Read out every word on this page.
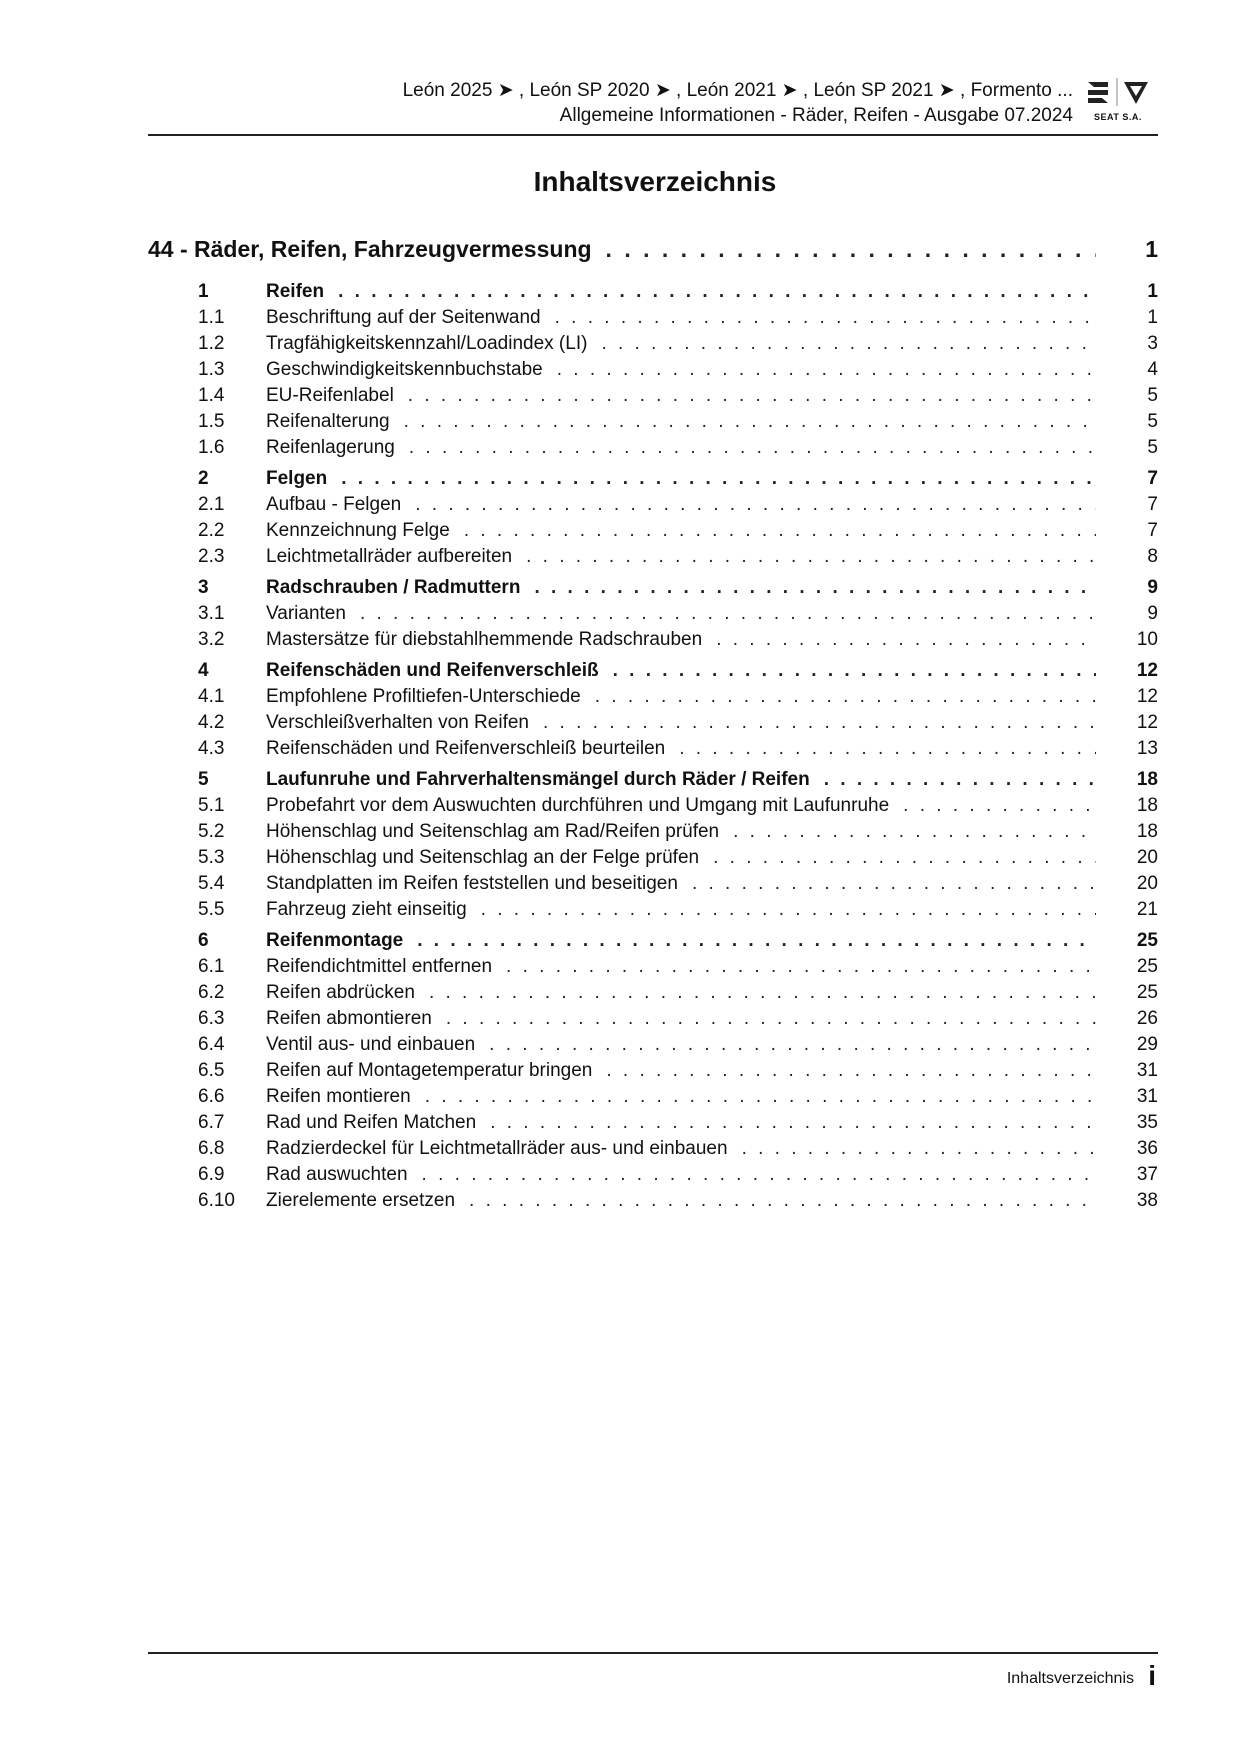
León 2025 ➤ , León SP 2020 ➤ , León 2021 ➤ , León SP 2021 ➤ , Formento ...
Allgemeine Informationen - Räder, Reifen - Ausgabe 07.2024 SEAT S.A.
Inhaltsverzeichnis
44 - Räder, Reifen, Fahrzeugvermessung . . .	1
1	Reifen . . .	1
1.1	Beschriftung auf der Seitenwand . . .	1
1.2	Tragfähigkeitskennzahl/Loadindex (LI) . . .	3
1.3	Geschwindigkeitskennbuchstabe . . .	4
1.4	EU-Reifenlabel . . .	5
1.5	Reifenalterung . . .	5
1.6	Reifenlagerung . . .	5
2	Felgen . . .	7
2.1	Aufbau - Felgen . . .	7
2.2	Kennzeichnung Felge . . .	7
2.3	Leichtmetallräder aufbereiten . . .	8
3	Radschrauben / Radmuttern . . .	9
3.1	Varianten . . .	9
3.2	Mastersätze für diebstahlhemmende Radschrauben . . .	10
4	Reifenschäden und Reifenverschleiß . . .	12
4.1	Empfohlene Profiltiefen-Unterschiede . . .	12
4.2	Verschleißverhalten von Reifen . . .	12
4.3	Reifenschäden und Reifenverschleiß beurteilen . . .	13
5	Laufunruhe und Fahrverhaltensmängel durch Räder / Reifen . . .	18
5.1	Probefahrt vor dem Auswuchten durchführen und Umgang mit Laufunruhe . . .	18
5.2	Höhenschlag und Seitenschlag am Rad/Reifen prüfen . . .	18
5.3	Höhenschlag und Seitenschlag an der Felge prüfen . . .	20
5.4	Standplatten im Reifen feststellen und beseitigen . . .	20
5.5	Fahrzeug zieht einseitig . . .	21
6	Reifenmontage . . .	25
6.1	Reifendichtmittel entfernen . . .	25
6.2	Reifen abdrücken . . .	25
6.3	Reifen abmontieren . . .	26
6.4	Ventil aus- und einbauen . . .	29
6.5	Reifen auf Montagetemperatur bringen . . .	31
6.6	Reifen montieren . . .	31
6.7	Rad und Reifen Matchen . . .	35
6.8	Radzierdeckel für Leichtmetallräder aus- und einbauen . . .	36
6.9	Rad auswuchten . . .	37
6.10	Zierelemente ersetzen . . .	38
Inhaltsverzeichnis i
